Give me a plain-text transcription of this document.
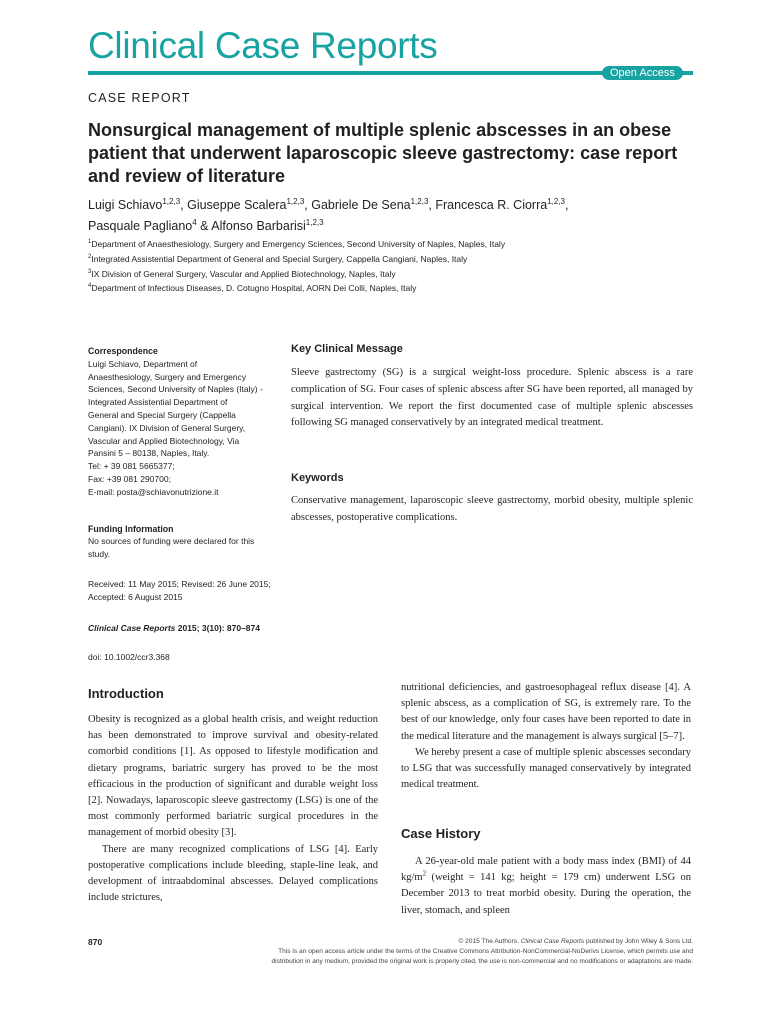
Clinical Case Reports
Open Access
CASE REPORT
Nonsurgical management of multiple splenic abscesses in an obese patient that underwent laparoscopic sleeve gastrectomy: case report and review of literature
Luigi Schiavo$^{1,2,3}$, Giuseppe Scalera$^{1,2,3}$, Gabriele De Sena$^{1,2,3}$, Francesca R. Ciorra$^{1,2,3}$,
Pasquale Pagliano$^4$ & Alfonso Barbarisi$^{1,2,3}$
$^1$Department of Anaesthesiology, Surgery and Emergency Sciences, Second University of Naples, Naples, Italy
$^2$Integrated Assistential Department of General and Special Surgery, Cappella Cangiani, Naples, Italy
$^3$IX Division of General Surgery, Vascular and Applied Biotechnology, Naples, Italy
$^4$Department of Infectious Diseases, D. Cotugno Hospital, AORN Dei Colli, Naples, Italy
Correspondence
Luigi Schiavo, Department of
Anaesthesiology, Surgery and Emergency
Sciences, Second University of Naples (Italy) -
Integrated Assistential Department of
General and Special Surgery (Cappella
Cangiani). IX Division of General Surgery,
Vascular and Applied Biotechnology, Via
Pansini 5 – 80138, Naples, Italy.
Tel: + 39 081 5665377;
Fax: +39 081 290700;
E-mail: posta@schiavonutrizione.it
Funding Information
No sources of funding were declared for this study.
Received: 11 May 2015; Revised: 26 June 2015; Accepted: 6 August 2015
Clinical Case Reports 2015; 3(10): 870–874
doi: 10.1002/ccr3.368
Key Clinical Message
Sleeve gastrectomy (SG) is a surgical weight-loss procedure. Splenic abscess is a rare complication of SG. Four cases of splenic abscess after SG have been reported, all managed by surgical intervention. We report the first documented case of multiple splenic abscesses following SG managed conservatively by an integrated medical treatment.
Keywords
Conservative management, laparoscopic sleeve gastrectomy, morbid obesity, multiple splenic abscesses, postoperative complications.
Introduction

Obesity is recognized as a global health crisis, and weight reduction has been demonstrated to improve survival and obesity-related comorbid conditions [1]. As opposed to lifestyle modification and dietary programs, bariatric surgery has proved to be the most efficacious in the production of significant and durable weight loss [2]. Nowadays, laparoscopic sleeve gastrectomy (LSG) is one of the most commonly performed bariatric surgical procedures in the management of morbid obesity [3].

There are many recognized complications of LSG [4]. Early postoperative complications include bleeding, staple-line leak, and development of intraabdominal abscesses. Delayed complications include strictures,

nutritional deficiencies, and gastroesophageal reflux disease [4]. A splenic abscess, as a complication of SG, is extremely rare. To the best of our knowledge, only four cases have been reported to date in the medical literature and the management is always surgical [5–7].

We hereby present a case of multiple splenic abscesses secondary to LSG that was successfully managed conservatively by integrated medical treatment.

Case History

A 26-year-old male patient with a body mass index (BMI) of 44 $kg/m^2$ (weight = 141 kg; height = 179 cm) underwent LSG on December 2013 to treat morbid obesity. During the operation, the liver, stomach, and spleen

870	© 2015 The Authors. Clinical Case Reports published by John Wiley & Sons Ltd.
This is an open access article under the terms of the Creative Commons Attribution-NonCommercial-NoDerivs License, which permits use and
distribution in any medium, provided the original work is properly cited, the use is non-commercial and no modifications or adaptations are made.
